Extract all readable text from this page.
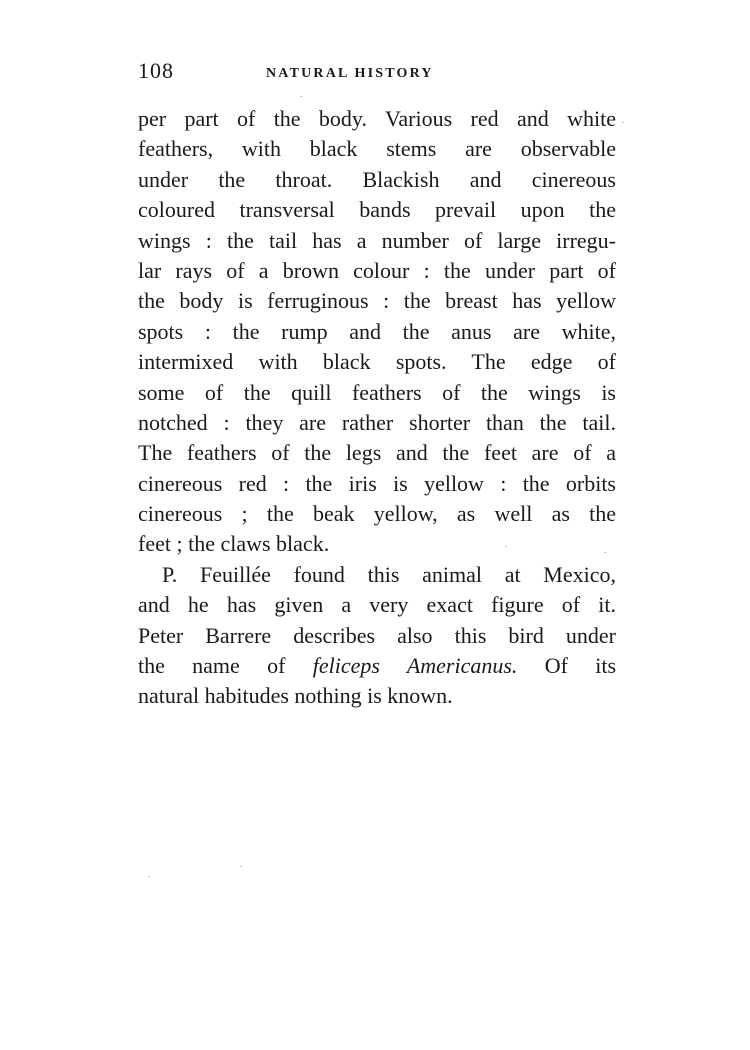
108	NATURAL HISTORY
per part of the body. Various red and white
feathers, with black stems are observable
under the throat. Blackish and cinereous
coloured transversal bands prevail upon the
wings : the tail has a number of large irregu-
lar rays of a brown colour : the under part of
the body is ferruginous : the breast has yellow
spots : the rump and the anus are white,
intermixed with black spots. The edge of
some of the quill feathers of the wings is
notched : they are rather shorter than the tail.
The feathers of the legs and the feet are of a
cinereous red : the iris is yellow : the orbits
cinereous ; the beak yellow, as well as the
feet ; the claws black.
P. Feuillée found this animal at Mexico,
and he has given a very exact figure of it.
Peter Barrere describes also this bird under
the name of feliceps Americanus. Of its
natural habitudes nothing is known.
